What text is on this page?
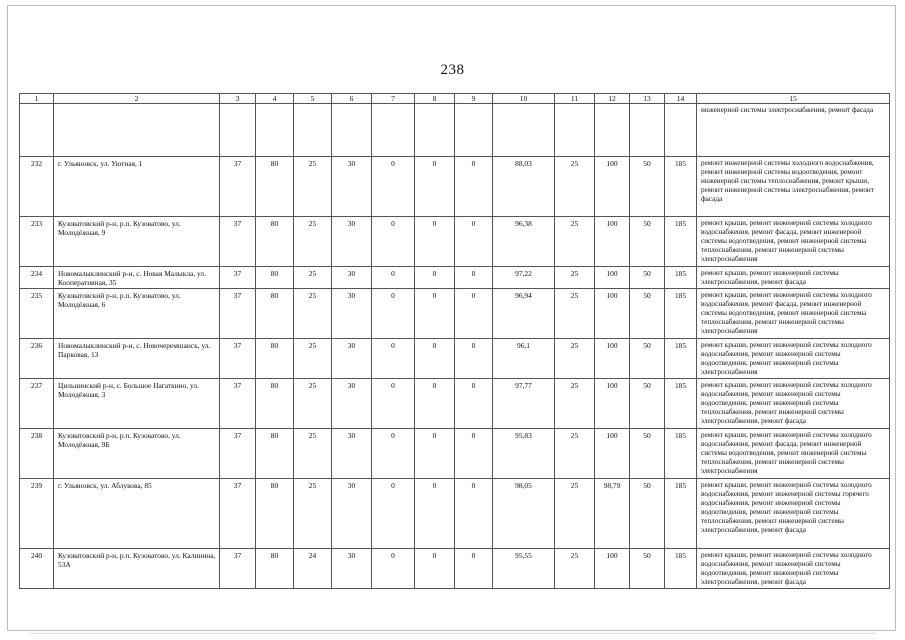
238
1	2	3	4	5	6	7	8	9	10	11	12	13	14	15
														инженерной системы электроснабжения, ремонт фасада
232	г. Ульяновск, ул. Уютная, 1	37	80	25	30	0	0	0	88,03	25	100	50	185	ремонт инженерной системы холодного водоснабжения, ремонт инженерной системы водоотведения, ремонт инженерной системы теплоснабжения, ремонт крыши, ремонт инженерной системы электроснабжения, ремонт фасада
233	Кузоватовский р-н, р.п. Кузоватово, ул. Молодёжная, 9	37	80	25	30	0	0	0	96,38	25	100	50	185	ремонт крыши, ремонт инженерной системы холодного водоснабжения, ремонт фасада, ремонт инженерной системы водоотведения, ремонт инженерной системы теплоснабжения, ремонт инженерной системы электроснабжения
234	Новомалыклинский р-н, с. Новая Малыкла, ул. Кооперативная, 35	37	80	25	30	0	0	0	97,22	25	100	50	185	ремонт крыши, ремонт инженерной системы электроснабжения, ремонт фасада
235	Кузоватовский р-н, р.п. Кузоватово, ул. Молодёжная, 6	37	80	25	30	0	0	0	96,94	25	100	50	185	ремонт крыши, ремонт инженерной системы холодного водоснабжения, ремонт фасада, ремонт инженерной системы водоотведения, ремонт инженерной системы теплоснабжения, ремонт инженерной системы электроснабжения
236	Новомалыклинский р-н, с. Новочеремшанск, ул. Парковая, 13	37	80	25	30	0	0	0	96,1	25	100	50	185	ремонт крыши, ремонт инженерной системы холодного водоснабжения, ремонт инженерной системы водоотведения, ремонт инженерной системы электроснабжения
237	Цильнинский р-н, с. Большое Нагаткино, ул. Молодёжная, 3	37	80	25	30	0	0	0	97,77	25	100	50	185	ремонт крыши, ремонт инженерной системы холодного водоснабжения, ремонт инженерной системы водоотведения, ремонт инженерной системы теплоснабжения, ремонт инженерной системы электроснабжения, ремонт фасада
238	Кузоватовский р-н, р.п. Кузоватово, ул. Молодёжная, 9Б	37	80	25	30	0	0	0	95,83	25	100	50	185	ремонт крыши, ремонт инженерной системы холодного водоснабжения, ремонт фасада, ремонт инженерной системы водоотведения, ремонт инженерной системы теплоснабжения, ремонт инженерной системы электроснабжения
239	г. Ульяновск, ул. Аблукова, 85	37	80	25	30	0	0	0	98,05	25	98,79	50	185	ремонт крыши, ремонт инженерной системы холодного водоснабжения, ремонт инженерной системы горячего водоснабжения, ремонт инженерной системы водоотведения, ремонт инженерной системы теплоснабжения, ремонт инженерной системы электроснабжения, ремонт фасада
240	Кузоватовский р-н, р.п. Кузоватово, ул. Калинина, 53А	37	80	24	30	0	0	0	95,55	25	100	50	185	ремонт крыши, ремонт инженерной системы холодного водоснабжения, ремонт инженерной системы водоотведения, ремонт инженерной системы электроснабжения, ремонт фасада
